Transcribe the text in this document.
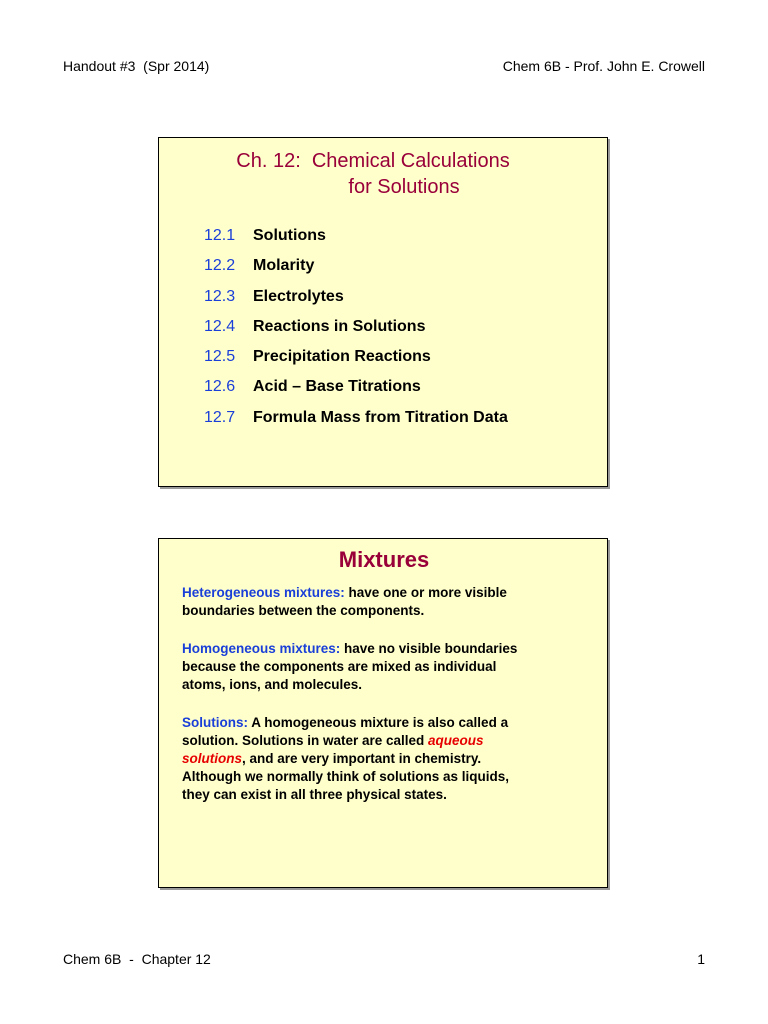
Handout #3  (Spr 2014)	Chem 6B - Prof. John E. Crowell
Ch. 12:  Chemical Calculations
for Solutions
12.1 Solutions
12.2 Molarity
12.3 Electrolytes
12.4 Reactions in Solutions
12.5 Precipitation Reactions
12.6 Acid – Base Titrations
12.7 Formula Mass from Titration Data
Mixtures

Heterogeneous mixtures: have one or more visible
boundaries between the components.

Homogeneous mixtures: have no visible boundaries
because the components are mixed as individual
atoms, ions, and molecules.

Solutions: A homogeneous mixture is also called a
solution. Solutions in water are called aqueous
solutions, and are very important in chemistry.
Although we normally think of solutions as liquids,
they can exist in all three physical states.

Chem 6B  -  Chapter 12	1
